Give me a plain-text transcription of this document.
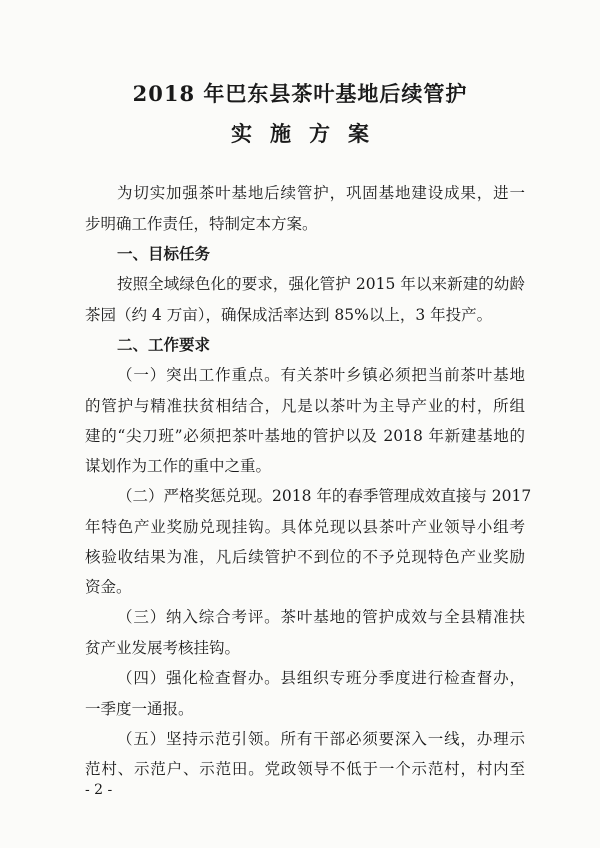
2018 年巴东县茶叶基地后续管护
实施方案
为切实加强茶叶基地后续管护，巩固基地建设成果，进一
步明确工作责任，特制定本方案。
一、目标任务
按照全域绿色化的要求，强化管护 2015 年以来新建的幼龄
茶园（约 4 万亩），确保成活率达到 85%以上，3 年投产。
二、工作要求
（一）突出工作重点。有关茶叶乡镇必须把当前茶叶基地
的管护与精准扶贫相结合，凡是以茶叶为主导产业的村，所组
建的“尖刀班”必须把茶叶基地的管护以及 2018 年新建基地的
谋划作为工作的重中之重。
（二）严格奖惩兑现。2018 年的春季管理成效直接与 2017
年特色产业奖励兑现挂钩。具体兑现以县茶叶产业领导小组考
核验收结果为准，凡后续管护不到位的不予兑现特色产业奖励
资金。
（三）纳入综合考评。茶叶基地的管护成效与全县精准扶
贫产业发展考核挂钩。
（四）强化检查督办。县组织专班分季度进行检查督办，
一季度一通报。
（五）坚持示范引领。所有干部必须要深入一线，办理示
范村、示范户、示范田。党政领导不低于一个示范村，村内至
- 2 -
